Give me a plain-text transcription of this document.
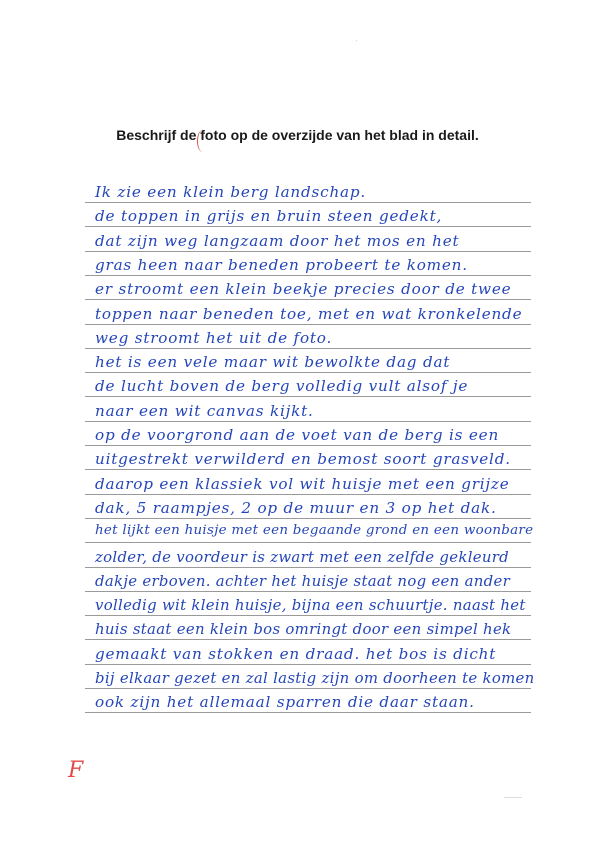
Beschrijf de foto op de overzijde van het blad in detail.
Ik zie een klein berg landschap.
de toppen in grijs en bruin steen gedekt,
dat zijn weg langzaam door het mos en het
gras heen naar beneden probeert te komen.
er stroomt een klein beekje precies door de twee
toppen naar beneden toe, met en wat kronkelende
weg stroomt het uit de foto.
het is een vele maar wit bewolkte dag dat
de lucht boven de berg volledig vult alsof je
naar een wit canvas kijkt.
op de voorgrond aan de voet van de berg is een
uitgestrekt verwilderd en bemost soort grasveld.
daarop een klassiek vol wit huisje met een grijze
dak, 5 raampjes, 2 op de muur en 3 op het dak.
het lijkt een huisje met een begaande grond en een woonbare
zolder, de voordeur is zwart met een zelfde gekleurd
dakje erboven. achter het huisje staat nog een ander
volledig wit klein huisje, bijna een schuurtje. naast het
huis staat een klein bos omringt door een simpel hek
gemaakt van stokken en draad. het bos is dicht
bij elkaar gezet en zal lastig zijn om doorheen te komen
ook zijn het allemaal sparren die daar staan.
F
